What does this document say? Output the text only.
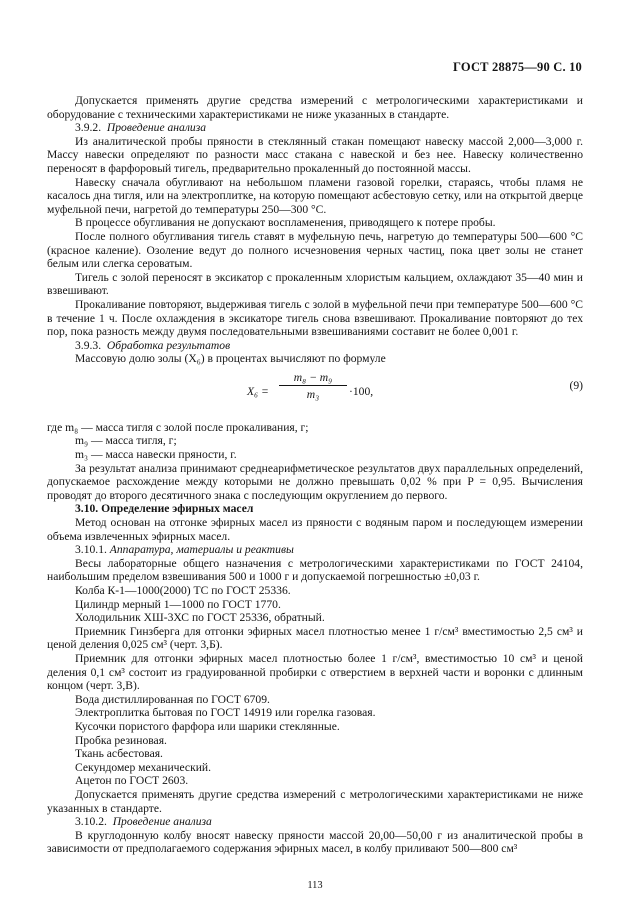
ГОСТ 28875—90 С. 10

Допускается применять другие средства измерений с метрологическими характеристиками и оборудование с техническими характеристиками не ниже указанных в стандарте.

3.9.2. Проведение анализа

Из аналитической пробы пряности в стеклянный стакан помещают навеску массой 2,000—3,000 г. Массу навески определяют по разности масс стакана с навеской и без нее. Навеску количественно переносят в фарфоровый тигель, предварительно прокаленный до постоянной массы.

Навеску сначала обугливают на небольшом пламени газовой горелки, стараясь, чтобы пламя не касалось дна тигля, или на электроплитке, на которую помещают асбестовую сетку, или на открытой дверце муфельной печи, нагретой до температуры 250—300 °С.

В процессе обугливания не допускают воспламенения, приводящего к потере пробы.

После полного обугливания тигель ставят в муфельную печь, нагретую до температуры 500—600 °С (красное каление). Озоление ведут до полного исчезновения черных частиц, пока цвет золы не станет белым или слегка сероватым.

Тигель с золой переносят в эксикатор с прокаленным хлористым кальцием, охлаждают 35—40 мин и взвешивают.

Прокаливание повторяют, выдерживая тигель с золой в муфельной печи при температуре 500—600 °С в течение 1 ч. После охлаждения в эксикаторе тигель снова взвешивают. Прокаливание повторяют до тех пор, пока разность между двумя последовательными взвешиваниями составит не более 0,001 г.

3.9.3. Обработка результатов

Массовую долю золы (X₆) в процентах вычисляют по формуле

$X_6 = \frac{\text{m₈ − m₉}}{\text{m₃}} \cdot 100$,	(9)

где m₈ — масса тигля с золой после прокаливания, г;

m₉ — масса тигля, г;

m₃ — масса навески пряности, г.

За результат анализа принимают среднеарифметическое результатов двух параллельных определений, допускаемое расхождение между которыми не должно превышать 0,02 % при P = 0,95. Вычисления проводят до второго десятичного знака с последующим округлением до первого.

3.10. Определение эфирных масел

Метод основан на отгонке эфирных масел из пряности с водяным паром и последующем измерении объема извлеченных эфирных масел.

3.10.1. Аппаратура, материалы и реактивы

Весы лабораторные общего назначения с метрологическими характеристиками по ГОСТ 24104, наибольшим пределом взвешивания 500 и 1000 г и допускаемой погрешностью ±0,03 г.

Колба К-1—1000(2000) ТС по ГОСТ 25336.

Цилиндр мерный 1—1000 по ГОСТ 1770.

Холодильник ХШ-3ХС по ГОСТ 25336, обратный.

Приемник Гинзберга для отгонки эфирных масел плотностью менее 1 г/см³ вместимостью 2,5 см³ и ценой деления 0,025 см³ (черт. 3,Б).

Приемник для отгонки эфирных масел плотностью более 1 г/см³, вместимостью 10 см³ и ценой деления 0,1 см³ состоит из градуированной пробирки с отверстием в верхней части и воронки с длинным концом (черт. 3,В).

Вода дистиллированная по ГОСТ 6709.

Электроплитка бытовая по ГОСТ 14919 или горелка газовая.

Кусочки пористого фарфора или шарики стеклянные.

Пробка резиновая.

Ткань асбестовая.

Секундомер механический.

Ацетон по ГОСТ 2603.

Допускается применять другие средства измерений с метрологическими характеристиками не ниже указанных в стандарте.

3.10.2. Проведение анализа

В круглодонную колбу вносят навеску пряности массой 20,00—50,00 г из аналитической пробы в зависимости от предполагаемого содержания эфирных масел, в колбу приливают 500—800 см³

113
